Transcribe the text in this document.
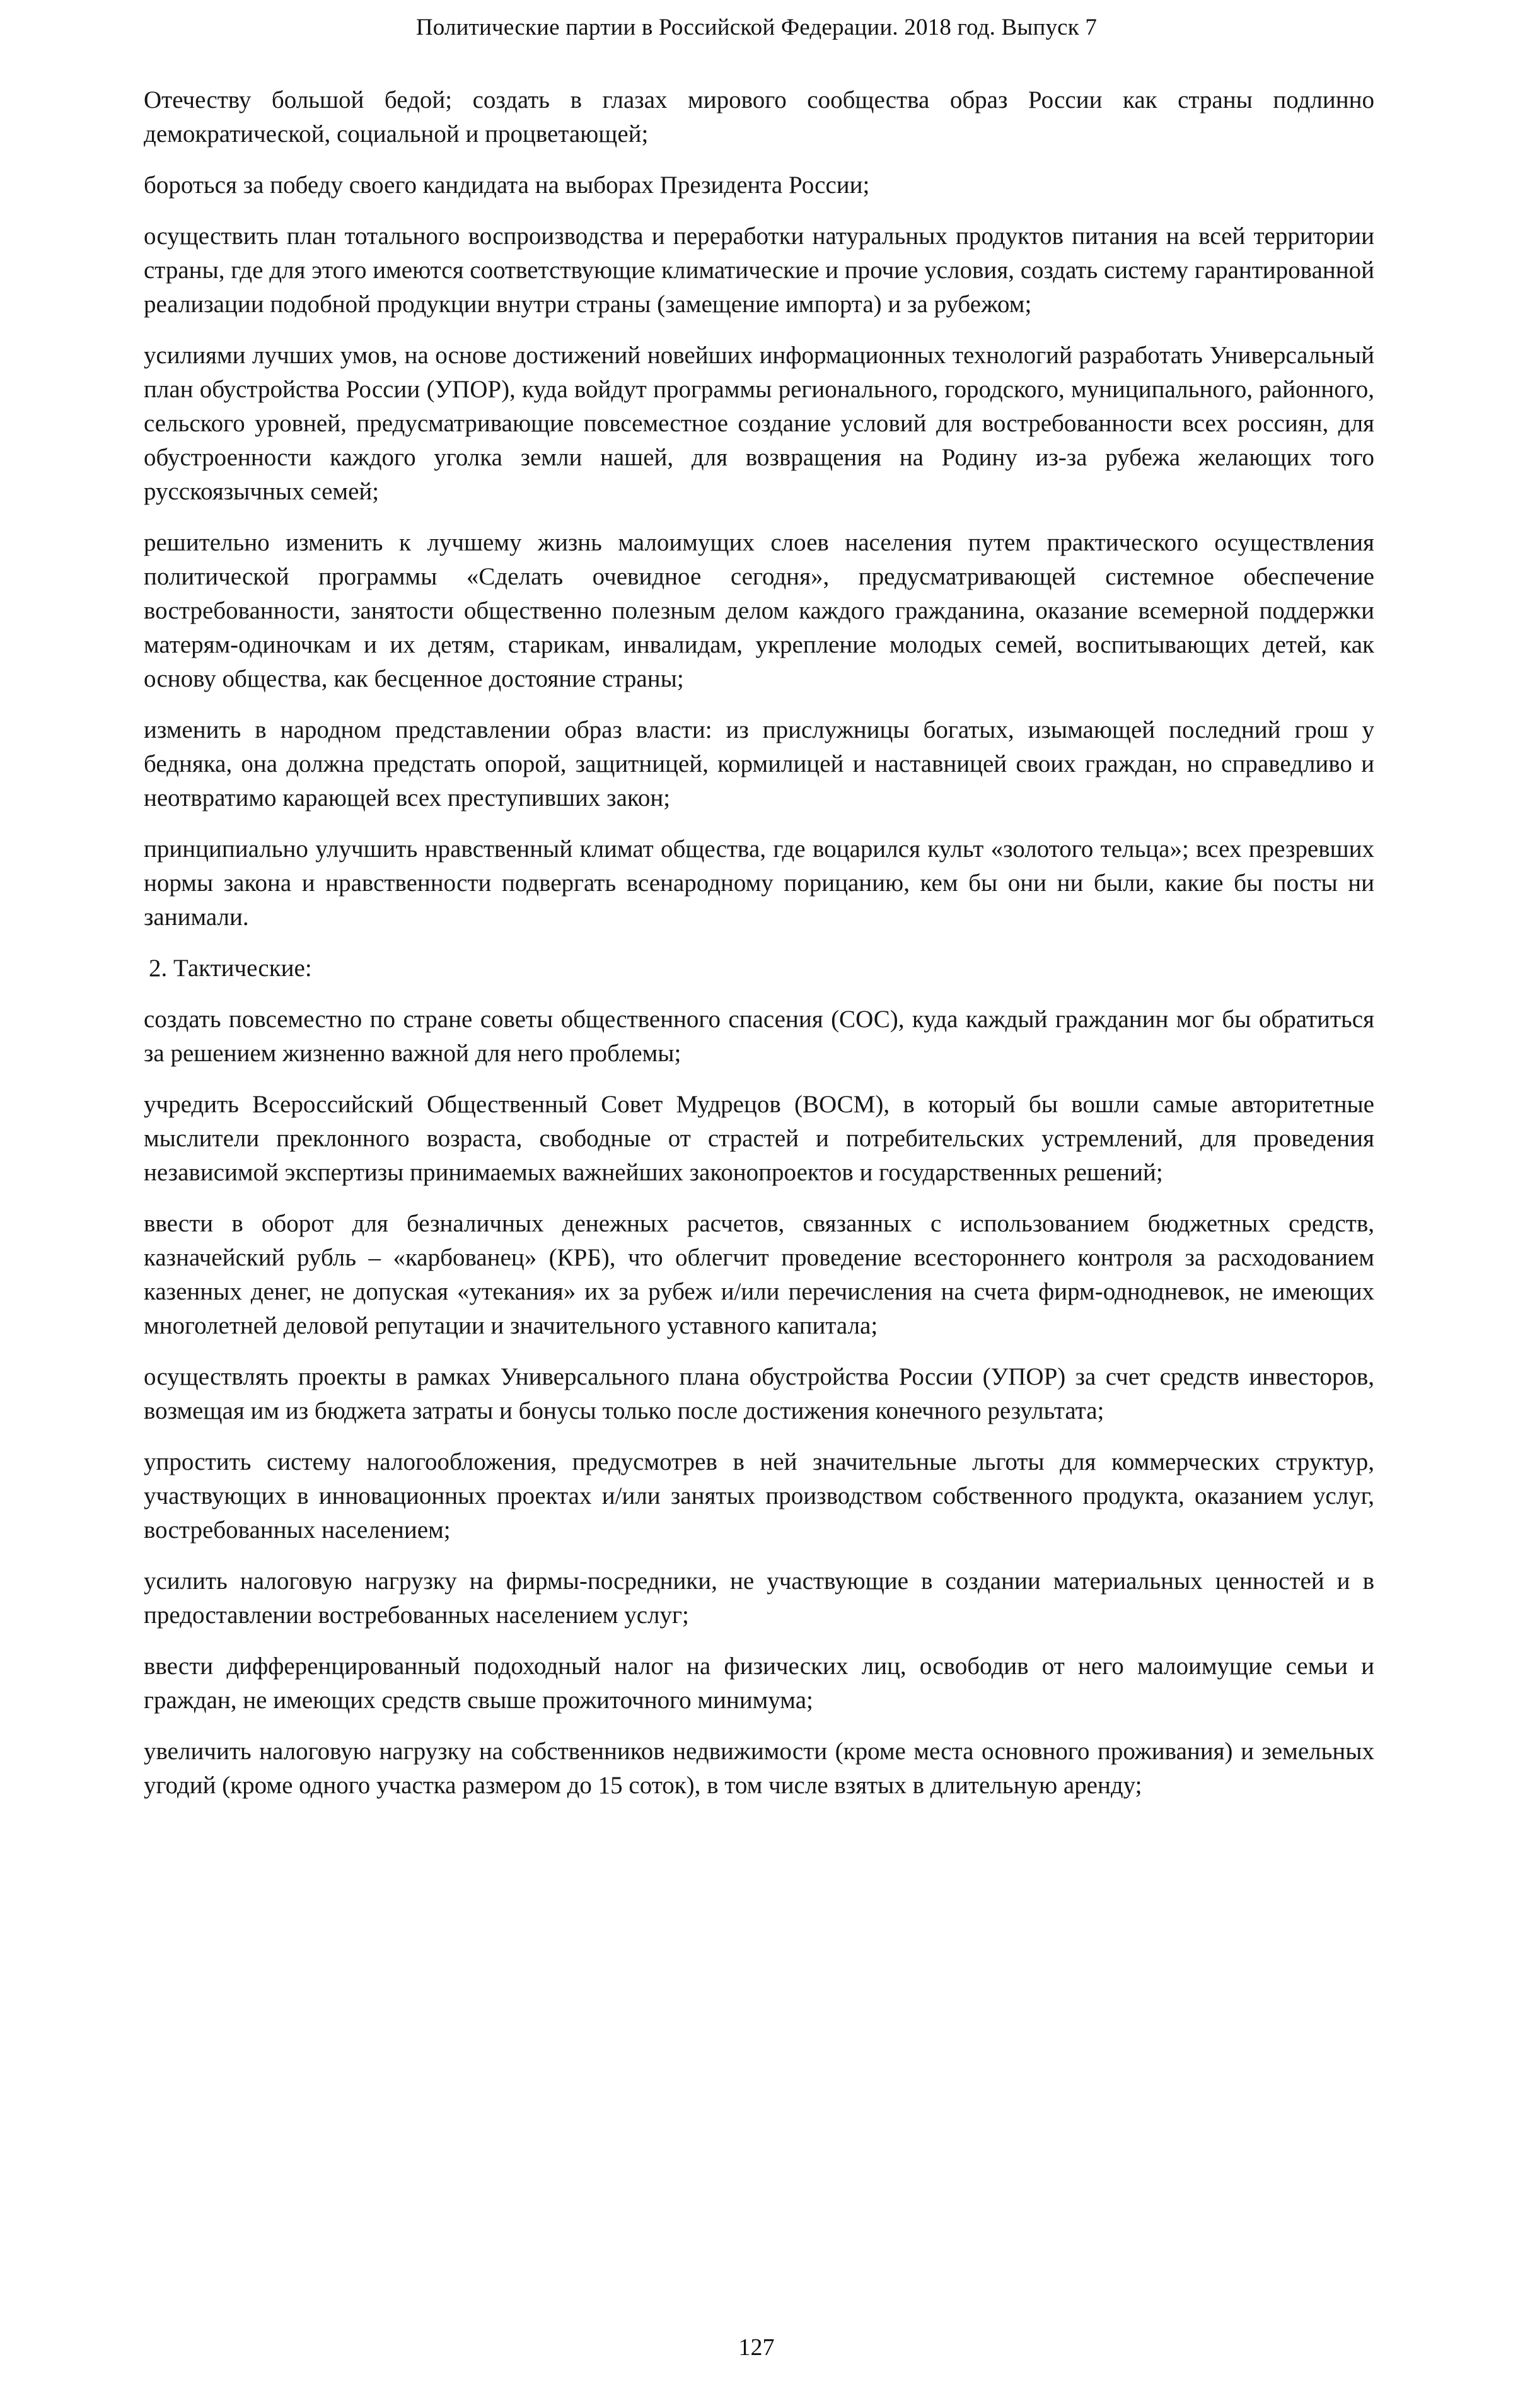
Политические партии в Российской Федерации. 2018 год. Выпуск 7

Отечеству большой бедой; создать в глазах мирового сообщества образ России как страны подлинно демократической, социальной и процветающей;

бороться за победу своего кандидата на выборах Президента России;

осуществить план тотального воспроизводства и переработки натуральных продуктов питания на всей территории страны, где для этого имеются соответствующие климатические и прочие условия, создать систему гарантированной реализации подобной продукции внутри страны (замещение импорта) и за рубежом;

усилиями лучших умов, на основе достижений новейших информационных технологий разработать Универсальный план обустройства России (УПОР), куда войдут программы регионального, городского, муниципального, районного, сельского уровней, предусматривающие повсеместное создание условий для востребованности всех россиян, для обустроенности каждого уголка земли нашей, для возвращения на Родину из-за рубежа желающих того русскоязычных семей;

решительно изменить к лучшему жизнь малоимущих слоев населения путем практического осуществления политической программы «Сделать очевидное сегодня», предусматривающей системное обеспечение востребованности, занятости общественно полезным делом каждого гражданина, оказание всемерной поддержки матерям-одиночкам и их детям, старикам, инвалидам, укрепление молодых семей, воспитывающих детей, как основу общества, как бесценное достояние страны;

изменить в народном представлении образ власти: из прислужницы богатых, изымающей последний грош у бедняка, она должна предстать опорой, защитницей, кормилицей и наставницей своих граждан, но справедливо и неотвратимо карающей всех преступивших закон;

принципиально улучшить нравственный климат общества, где воцарился культ «золотого тельца»; всех презревших нормы закона и нравственности подвергать всенародному порицанию, кем бы они ни были, какие бы посты ни занимали.

2. Тактические:

создать повсеместно по стране советы общественного спасения (СОС), куда каждый гражданин мог бы обратиться за решением жизненно важной для него проблемы;

учредить Всероссийский Общественный Совет Мудрецов (ВОСМ), в который бы вошли самые авторитетные мыслители преклонного возраста, свободные от страстей и потребительских устремлений, для проведения независимой экспертизы принимаемых важнейших законопроектов и государственных решений;

ввести в оборот для безналичных денежных расчетов, связанных с использованием бюджетных средств, казначейский рубль – «карбованец» (КРБ), что облегчит проведение всестороннего контроля за расходованием казенных денег, не допуская «утекания» их за рубеж и/или перечисления на счета фирм-однодневок, не имеющих многолетней деловой репутации и значительного уставного капитала;

осуществлять проекты в рамках Универсального плана обустройства России (УПОР) за счет средств инвесторов, возмещая им из бюджета затраты и бонусы только после достижения конечного результата;

упростить систему налогообложения, предусмотрев в ней значительные льготы для коммерческих структур, участвующих в инновационных проектах и/или занятых производством собственного продукта, оказанием услуг, востребованных населением;

усилить налоговую нагрузку на фирмы-посредники, не участвующие в создании материальных ценностей и в предоставлении востребованных населением услуг;

ввести дифференцированный подоходный налог на физических лиц, освободив от него малоимущие семьи и граждан, не имеющих средств свыше прожиточного минимума;

увеличить налоговую нагрузку на собственников недвижимости (кроме места основного проживания) и земельных угодий (кроме одного участка размером до 15 соток), в том числе взятых в длительную аренду;

127
